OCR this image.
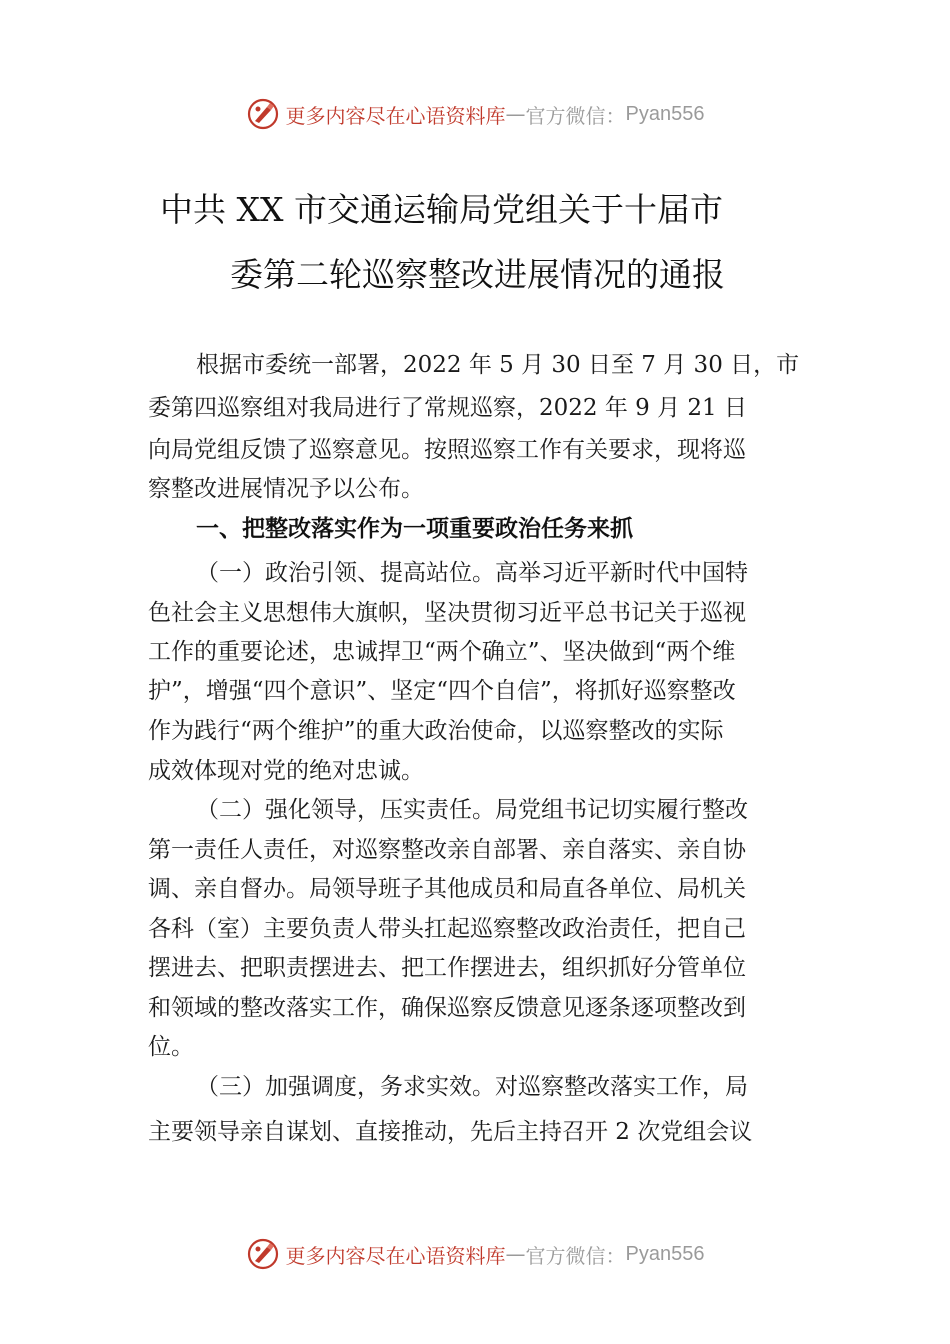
更多内容尽在心语资料库 — 官方微信： Pyan556
中共 XX 市交通运输局党组关于十届市
委第二轮巡察整改进展情况的通报
根据市委统一部署，2022 年 5 月 30 日至 7 月 30 日，市
委第四巡察组对我局进行了常规巡察，2022 年 9 月 21 日
向局党组反馈了巡察意见。按照巡察工作有关要求，现将巡
察整改进展情况予以公布。
一、把整改落实作为一项重要政治任务来抓
（一）政治引领、提高站位。高举习近平新时代中国特
色社会主义思想伟大旗帜，坚决贯彻习近平总书记关于巡视
工作的重要论述，忠诚捍卫“两个确立”、坚决做到“两个维
护”，增强“四个意识”、坚定“四个自信”，将抓好巡察整改
作为践行“两个维护”的重大政治使命，以巡察整改的实际
成效体现对党的绝对忠诚。
（二）强化领导，压实责任。局党组书记切实履行整改
第一责任人责任，对巡察整改亲自部署、亲自落实、亲自协
调、亲自督办。局领导班子其他成员和局直各单位、局机关
各科（室）主要负责人带头扛起巡察整改政治责任，把自己
摆进去、把职责摆进去、把工作摆进去，组织抓好分管单位
和领域的整改落实工作，确保巡察反馈意见逐条逐项整改到
位。
（三）加强调度，务求实效。对巡察整改落实工作，局
主要领导亲自谋划、直接推动，先后主持召开 2 次党组会议
更多内容尽在心语资料库 — 官方微信： Pyan556
